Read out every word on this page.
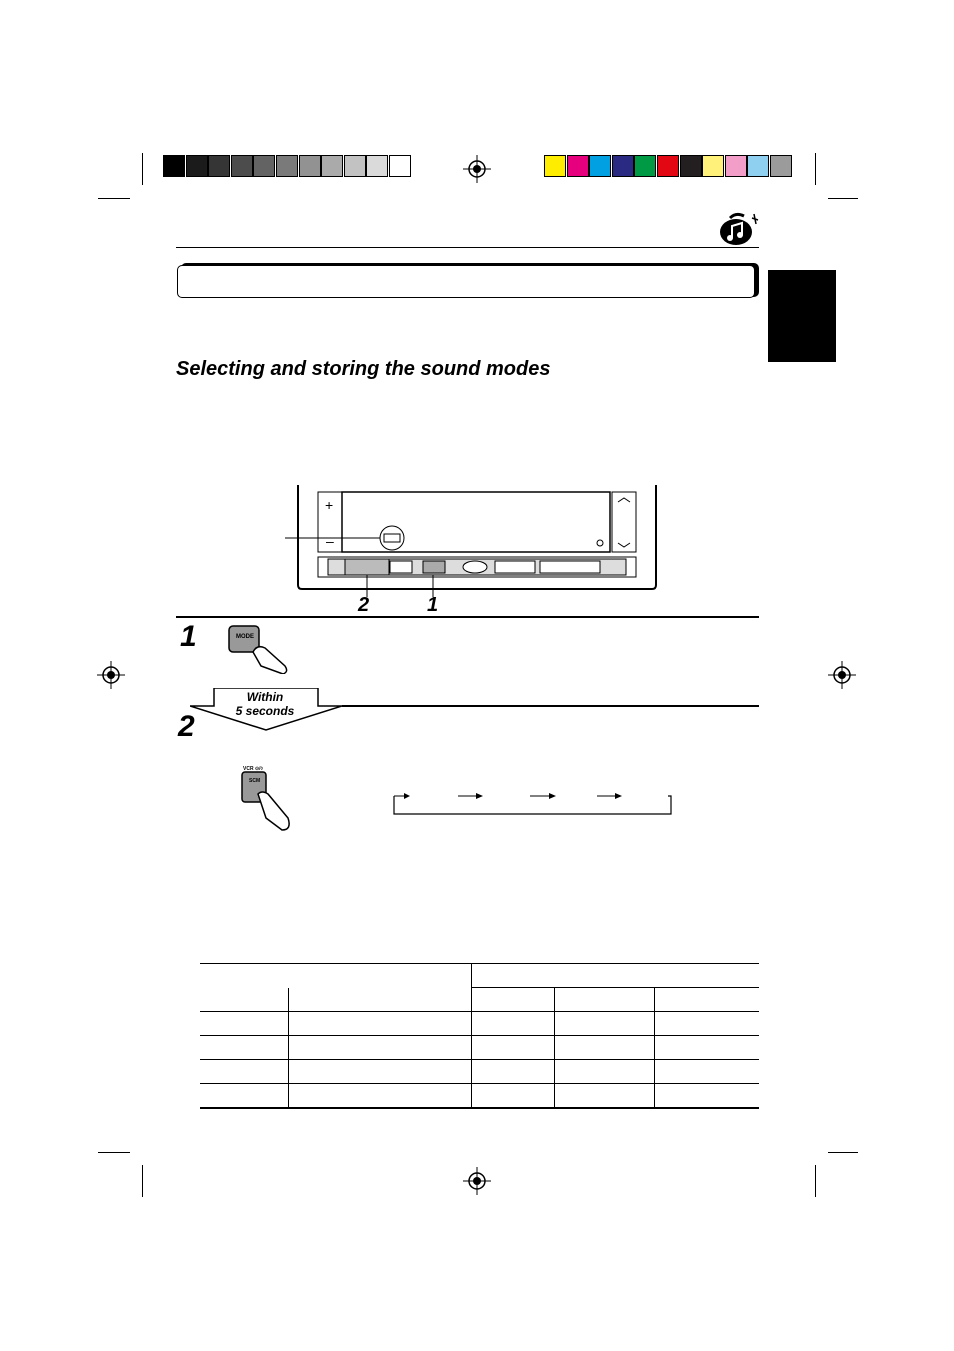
Selecting and storing the sound modes
+
–
2	1
1	MODE
Within
5 seconds
2
VCR ⊙/◊
SCM
